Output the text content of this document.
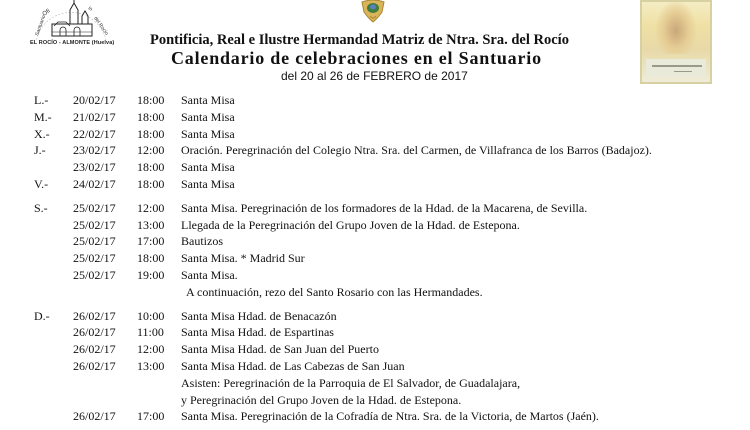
Ofi	io
del Rocío
Santuario
EL ROCÍO - ALMONTE (Huelva)	Pontificia, Real e Ilustre Hermandad Matriz de Ntra. Sra. del Rocío
Calendario de celebraciones en el Santuario
del 20 al 26 de FEBRERO de 2017
L.- 20/02/17 18:00 Santa Misa
M.- 21/02/17 18:00 Santa Misa
X.- 22/02/17 18:00 Santa Misa
J.- 23/02/17 12:00 Oración. Peregrinación del Colegio Ntra. Sra. del Carmen, de Villafranca de los Barros (Badajoz).
23/02/17 18:00 Santa Misa
V.- 24/02/17 18:00 Santa Misa
S.- 25/02/17 12:00 Santa Misa. Peregrinación de los formadores de la Hdad. de la Macarena, de Sevilla.
25/02/17 13:00 Llegada de la Peregrinación del Grupo Joven de la Hdad. de Estepona.
25/02/17 17:00 Bautizos
25/02/17 18:00 Santa Misa. * Madrid Sur
25/02/17 19:00 Santa Misa.
A continuación, rezo del Santo Rosario con las Hermandades.
D.- 26/02/17 10:00 Santa Misa Hdad. de Benacazón
26/02/17 11:00 Santa Misa Hdad. de Espartinas
26/02/17 12:00 Santa Misa Hdad. de San Juan del Puerto
26/02/17 13:00 Santa Misa Hdad. de Las Cabezas de San Juan
Asisten: Peregrinación de la Parroquia de El Salvador, de Guadalajara,
y Peregrinación del Grupo Joven de la Hdad. de Estepona.
26/02/17 17:00 Santa Misa. Peregrinación de la Cofradía de Ntra. Sra. de la Victoria, de Martos (Jaén).
